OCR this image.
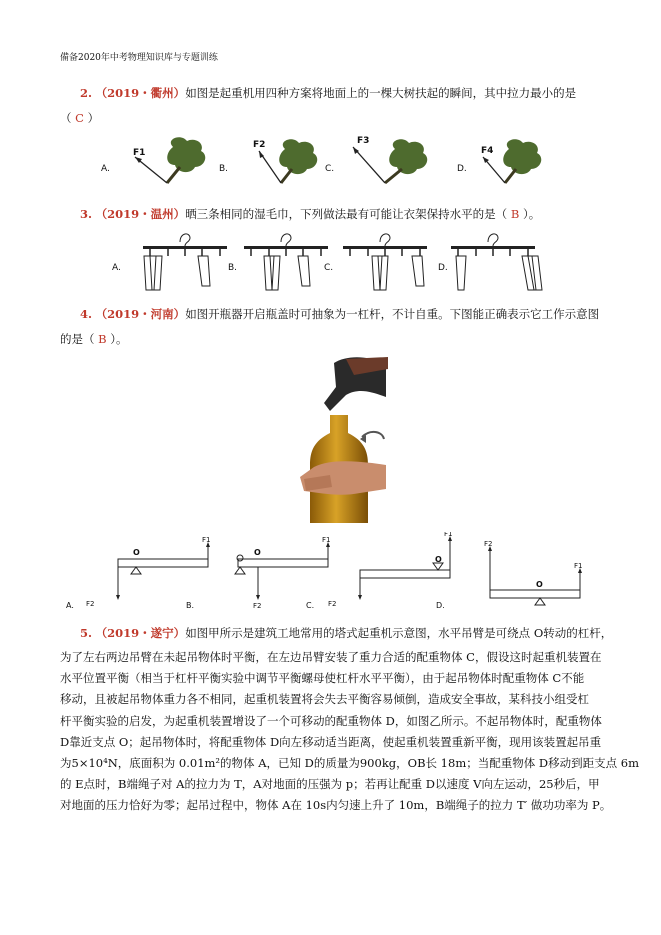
備备2020年中考物理知识库与专题训练
2. （2019・衢州）如图是起重机用四种方案将地面上的一棵大树扶起的瞬间，其中拉力最小的是
（ C ）
A.
F1
B.
F2
C.
F3
D.
F4
3. （2019・温州）晒三条相同的湿毛巾，下列做法最有可能让衣架保持水平的是（ B ）。
A.	B.	C.	D.
4. （2019・河南）如图开瓶器开启瓶盖时可抽象为一杠杆，不计自重。下图能正确表示它工作示意图
的是（ B ）。
O
F1
A. F2
O
F1
B.	F2
O
F1
C. F2
O
F2
F1
D.
5. （2019・遂宁）如图甲所示是建筑工地常用的塔式起重机示意图，水平吊臂是可绕点 O转动的杠杆，
为了左右两边吊臂在未起吊物体时平衡，在左边吊臂安装了重力合适的配重物体 C，假设这时起重机装置在
水平位置平衡（相当于杠杆平衡实验中调节平衡螺母使杠杆水平平衡），由于起吊物体时配重物体 C不能
移动，且被起吊物体重力各不相同，起重机装置将会失去平衡容易倾倒，造成安全事故，某科技小组受杠
杆平衡实验的启发，为起重机装置增设了一个可移动的配重物体 D，如图乙所示。不起吊物体时，配重物体
D靠近支点 O；起吊物体时，将配重物体 D向左移动适当距离，使起重机装置重新平衡，现用该装置起吊重
为5×10⁴N，底面积为 0.01m²的物体 A，已知 D的质量为900kg，OB长 18m；当配重物体 D移动到距支点 6m
的 E点时，B端绳子对 A的拉力为 T，A对地面的压强为 p；若再让配重 D以速度 V向左运动，25秒后，甲
对地面的压力恰好为零；起吊过程中，物体 A在 10s内匀速上升了 10m，B端绳子的拉力 T′ 做功功率为 P。
